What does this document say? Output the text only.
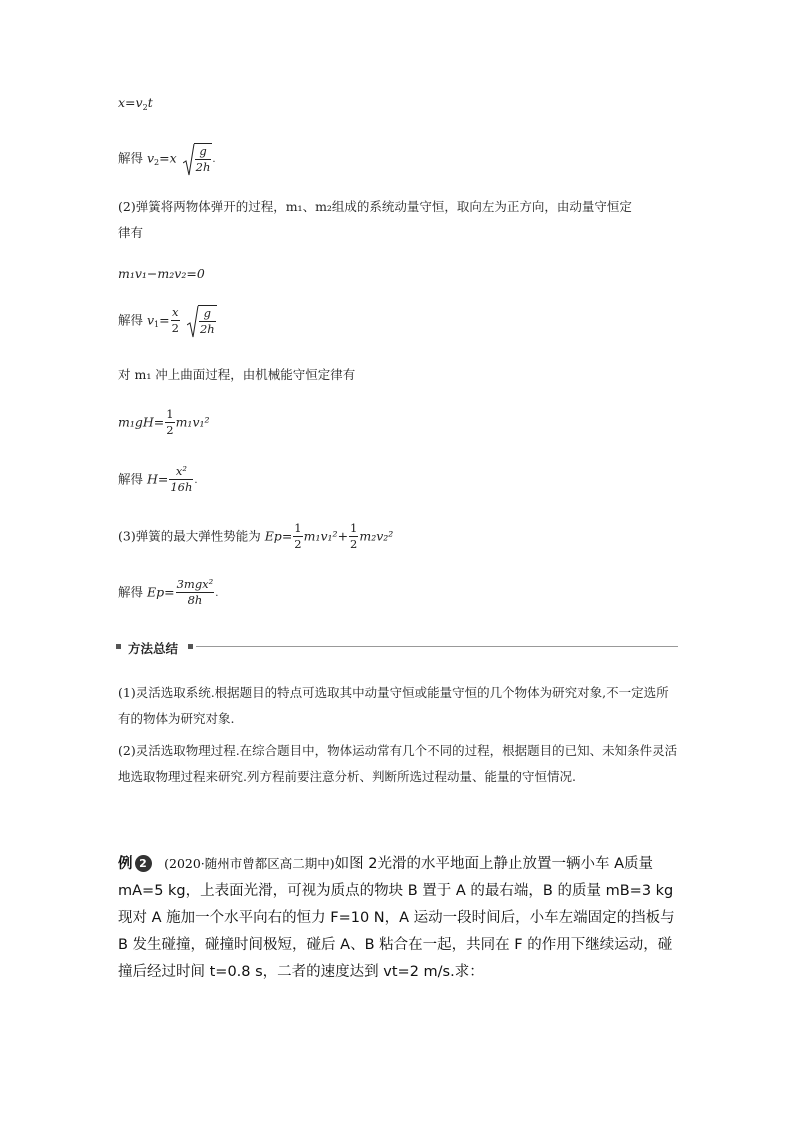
$x=v_2t$
解得 $v_2=x \frac{g}{2h}$ .
(2)弹簧将两物体弹开的过程，m₁、m₂组成的系统动量守恒，取向左为正方向，由动量守恒定
律有
m₁v₁−m₂v₂=0
解得 $v_1= \frac{x}{2}$
$\frac{g}{2h}$
对 m₁ 冲上曲面过程，由机械能守恒定律有
$m_1gH= \frac{1}{2} m_1v_1^2$
解得 $H= \frac{\text{x²}}{16h}$ .
(3)弹簧的最大弹性势能为 $Ep= \frac{1}{2} m_1v_1^2+ \frac{1}{2} m_2v_2^2$
解得 $Ep= \frac{\text{3mgx²}}{8h}$ .
方法总结
(1)灵活选取系统.根据题目的特点可选取其中动量守恒或能量守恒的几个物体为研究对象,不一定选所有的物体为研究对象.
(2)灵活选取物理过程.在综合题目中，物体运动常有几个不同的过程，根据题目的已知、未知条件灵活地选取物理过程来研究.列方程前要注意分析、判断所选过程动量、能量的守恒情况.
例 2 (2020·随州市曾都区高二期中)如图 2光滑的水平地面上静止放置一辆小车 A质量 mA=5 kg，上表面光滑，可视为质点的物块 B 置于 A 的最右端，B 的质量 mB=3 kg现对 A 施加一个水平向右的恒力 F=10 N，A 运动一段时间后，小车左端固定的挡板与 B 发生碰撞，碰撞时间极短，碰后 A、B 粘合在一起，共同在 F 的作用下继续运动，碰撞后经过时间 t=0.8 s，二者的速度达到 vt=2 m/s.求：
